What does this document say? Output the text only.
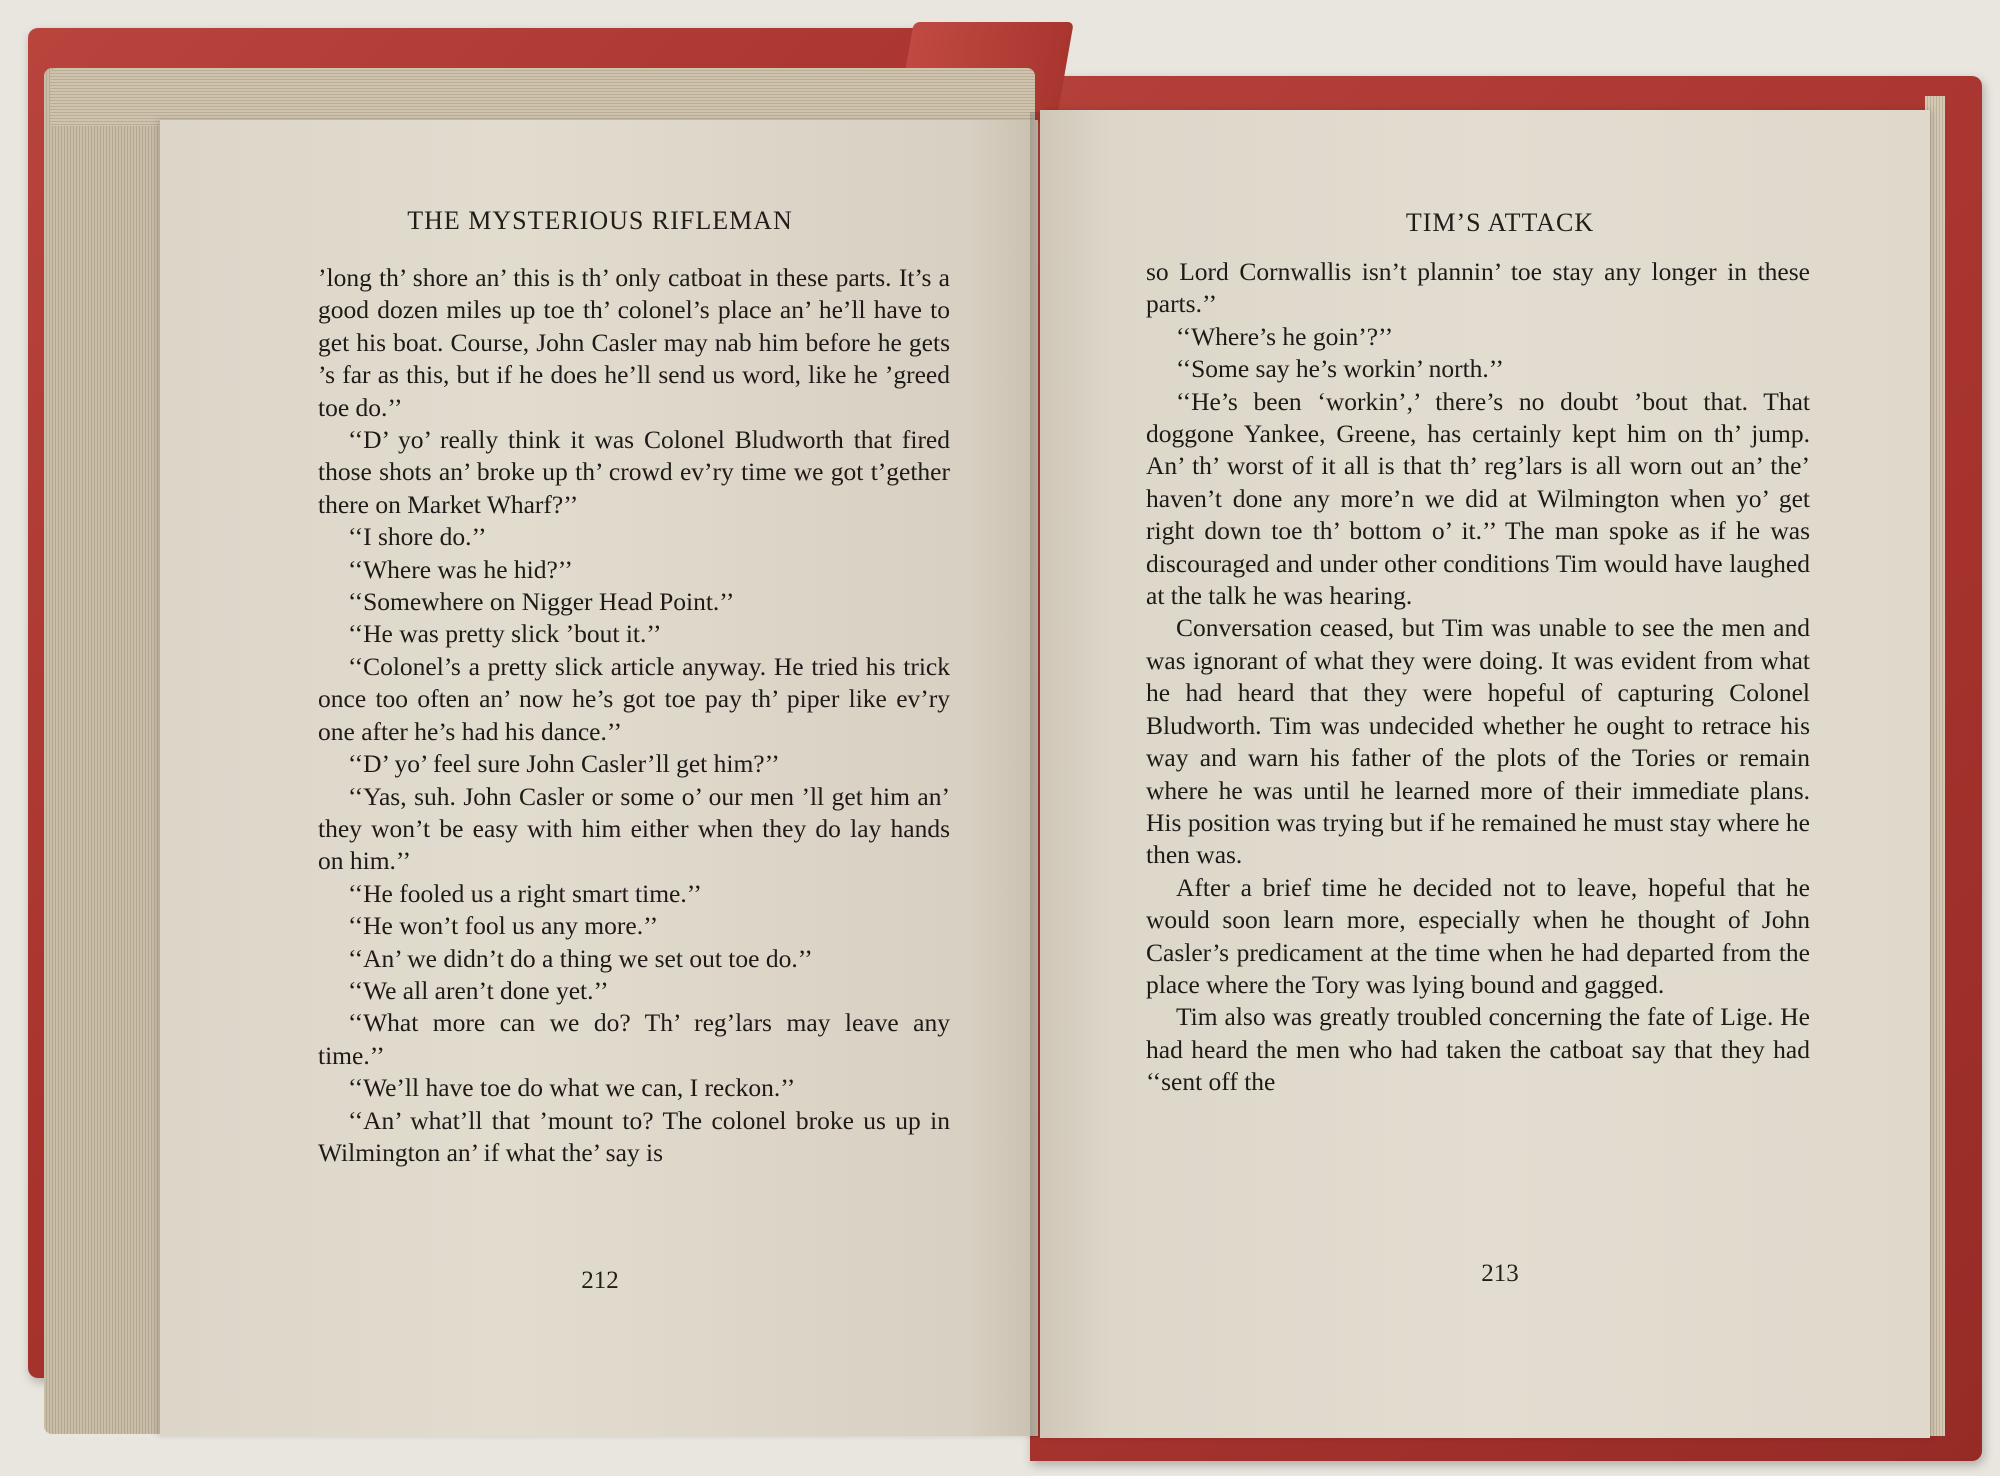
THE MYSTERIOUS RIFLEMAN

’long th’ shore an’ this is th’ only catboat in these parts. It’s a good dozen miles up toe th’ colonel’s place an’ he’ll have to get his boat. Course, John Casler may nab him before he gets ’s far as this, but if he does he’ll send us word, like he ’greed toe do.’’

‘‘D’ yo’ really think it was Colonel Bludworth that fired those shots an’ broke up th’ crowd ev’ry time we got t’gether there on Market Wharf?’’

‘‘I shore do.’’

‘‘Where was he hid?’’

‘‘Somewhere on Nigger Head Point.’’

‘‘He was pretty slick ’bout it.’’

‘‘Colonel’s a pretty slick article anyway. He tried his trick once too often an’ now he’s got toe pay th’ piper like ev’ry one after he’s had his dance.’’

‘‘D’ yo’ feel sure John Casler’ll get him?’’

‘‘Yas, suh. John Casler or some o’ our men ’ll get him an’ they won’t be easy with him either when they do lay hands on him.’’

‘‘He fooled us a right smart time.’’

‘‘He won’t fool us any more.’’

‘‘An’ we didn’t do a thing we set out toe do.’’

‘‘We all aren’t done yet.’’

‘‘What more can we do? Th’ reg’lars may leave any time.’’

‘‘We’ll have toe do what we can, I reckon.’’

‘‘An’ what’ll that ’mount to? The colonel broke us up in Wilmington an’ if what the’ say is

212
TIM’S ATTACK

so Lord Cornwallis isn’t plannin’ toe stay any longer in these parts.’’

‘‘Where’s he goin’?’’

‘‘Some say he’s workin’ north.’’

‘‘He’s been ‘workin’,’ there’s no doubt ’bout that. That doggone Yankee, Greene, has certainly kept him on th’ jump. An’ th’ worst of it all is that th’ reg’lars is all worn out an’ the’ haven’t done any more’n we did at Wilmington when yo’ get right down toe th’ bottom o’ it.’’ The man spoke as if he was discouraged and under other conditions Tim would have laughed at the talk he was hearing.

Conversation ceased, but Tim was unable to see the men and was ignorant of what they were doing. It was evident from what he had heard that they were hopeful of capturing Colonel Bludworth. Tim was undecided whether he ought to retrace his way and warn his father of the plots of the Tories or remain where he was until he learned more of their immediate plans. His position was trying but if he remained he must stay where he then was.

After a brief time he decided not to leave, hopeful that he would soon learn more, especially when he thought of John Casler’s predicament at the time when he had departed from the place where the Tory was lying bound and gagged.

Tim also was greatly troubled concerning the fate of Lige. He had heard the men who had taken the catboat say that they had ‘‘sent off the

213
